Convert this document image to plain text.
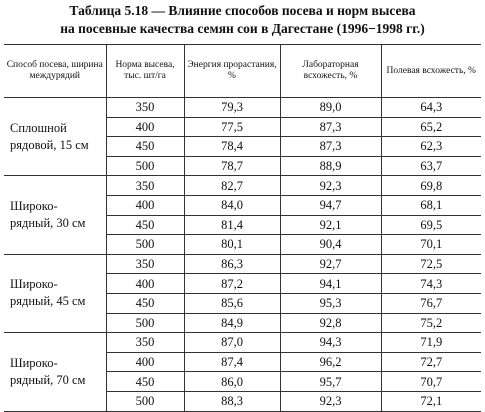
Таблица 5.18 — Влияние способов посева и норм высева
на посевные качества семян сои в Дагестане (1996−1998 гг.)
Способ посева, ширина междурядий	Норма высева, тыс. шт/га	Энергия прорастания, %	Лабораторная всхожесть, %	Полевая всхожесть, %

Сплошной
рядовой, 15 см	350	79,3	89,0	64,3
	400	77,5	87,3	65,2
	450	78,4	87,3	62,3
	500	78,7	88,9	63,7

Широко-
рядный, 30 см	350	82,7	92,3	69,8
	400	84,0	94,7	68,1
	450	81,4	92,1	69,5
	500	80,1	90,4	70,1

Широко-
рядный, 45 см	350	86,3	92,7	72,5
	400	87,2	94,1	74,3
	450	85,6	95,3	76,7
	500	84,9	92,8	75,2

Широко-
рядный, 70 см	350	87,0	94,3	71,9
	400	87,4	96,2	72,7
	450	86,0	95,7	70,7
	500	88,3	92,3	72,1
